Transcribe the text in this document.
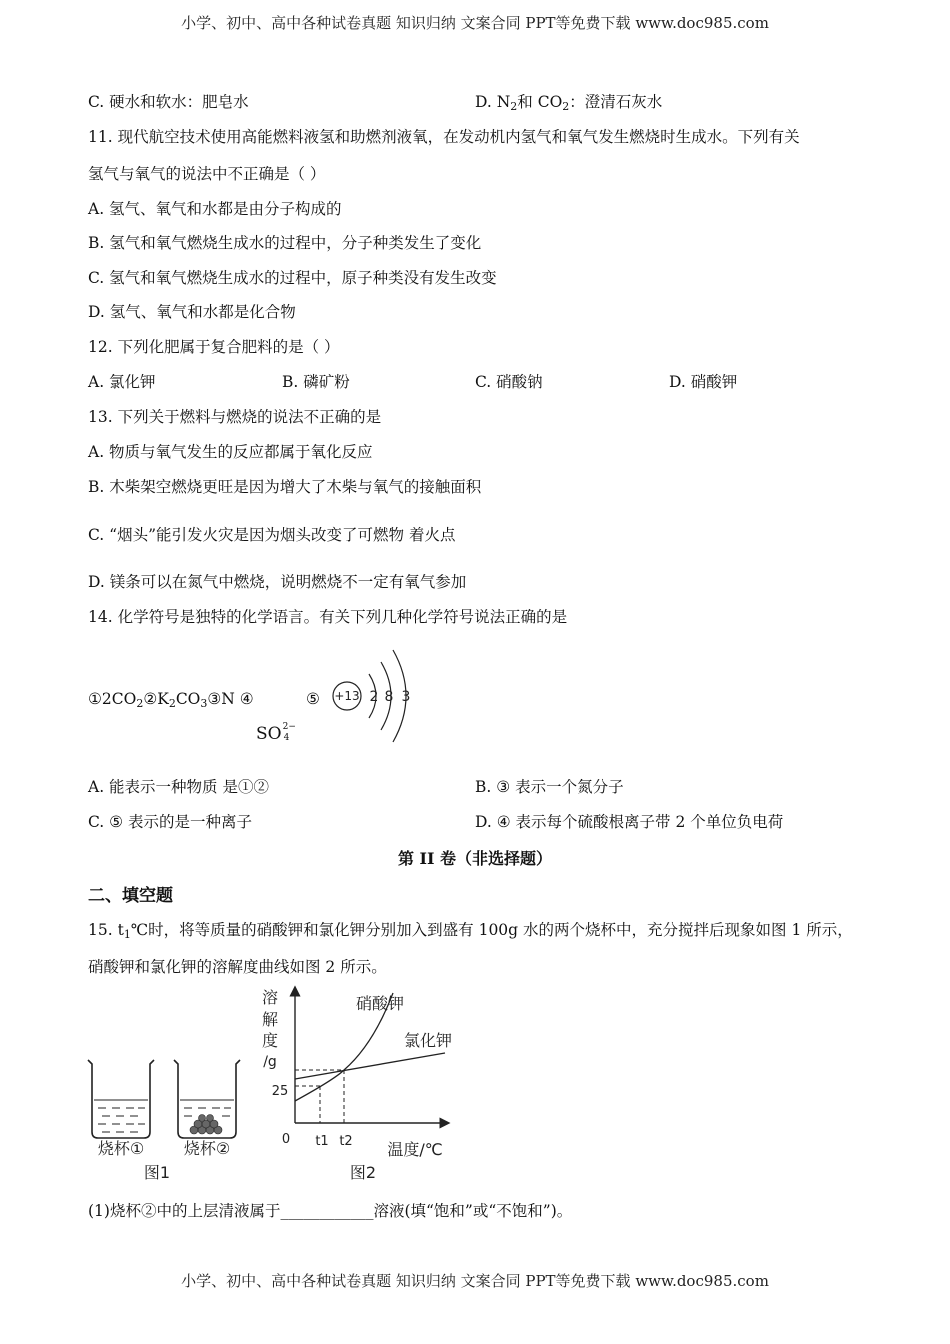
小学、初中、高中各种试卷真题 知识归纳 文案合同 PPT等免费下载 www.doc985.com
C. 硬水和软水：肥皂水	D. N2和 CO2：澄清石灰水
11. 现代航空技术使用高能燃料液氢和助燃剂液氧，在发动机内氢气和氧气发生燃烧时生成水。下列有关
氢气与氧气的说法中不正确是（ ）
A. 氢气、氧气和水都是由分子构成的
B. 氢气和氧气燃烧生成水的过程中，分子种类发生了变化
C. 氢气和氧气燃烧生成水的过程中，原子种类没有发生改变
D. 氢气、氧气和水都是化合物
12. 下列化肥属于复合肥料的是（ ）
A. 氯化钾	B. 磷矿粉	C. 硝酸钠	D. 硝酸钾
13. 下列关于燃料与燃烧的说法不正确的是
A. 物质与氧气发生的反应都属于氧化反应
B. 木柴架空燃烧更旺是因为增大了木柴与氧气的接触面积
C. “烟头”能引发火灾是因为烟头改变了可燃物 着火点
D. 镁条可以在氮气中燃烧，说明燃烧不一定有氧气参加
14. 化学符号是独特的化学语言。有关下列几种化学符号说法正确的是
①2CO2②K2CO3③N ④	⑤
SO 2−
4
+13 2 8 3
A. 能表示一种物质 是①②	B. ③ 表示一个氮分子
C. ⑤ 表示的是一种离子	D. ④ 表示每个硫酸根离子带 2 个单位负电荷
第 II 卷（非选择题）
二、填空题
15. t1℃时，将等质量的硝酸钾和氯化钾分别加入到盛有 100g 水的两个烧杯中，充分搅拌后现象如图 1 所示，
硝酸钾和氯化钾的溶解度曲线如图 2 所示。
烧杯① 烧杯②
图1
溶
解
度
/g
25
0 t1 t2 温度/℃
硝酸钾
氯化钾
图2
(1)烧杯②中的上层清液属于____________溶液(填“饱和”或“不饱和”)。
小学、初中、高中各种试卷真题 知识归纳 文案合同 PPT等免费下载 www.doc985.com
